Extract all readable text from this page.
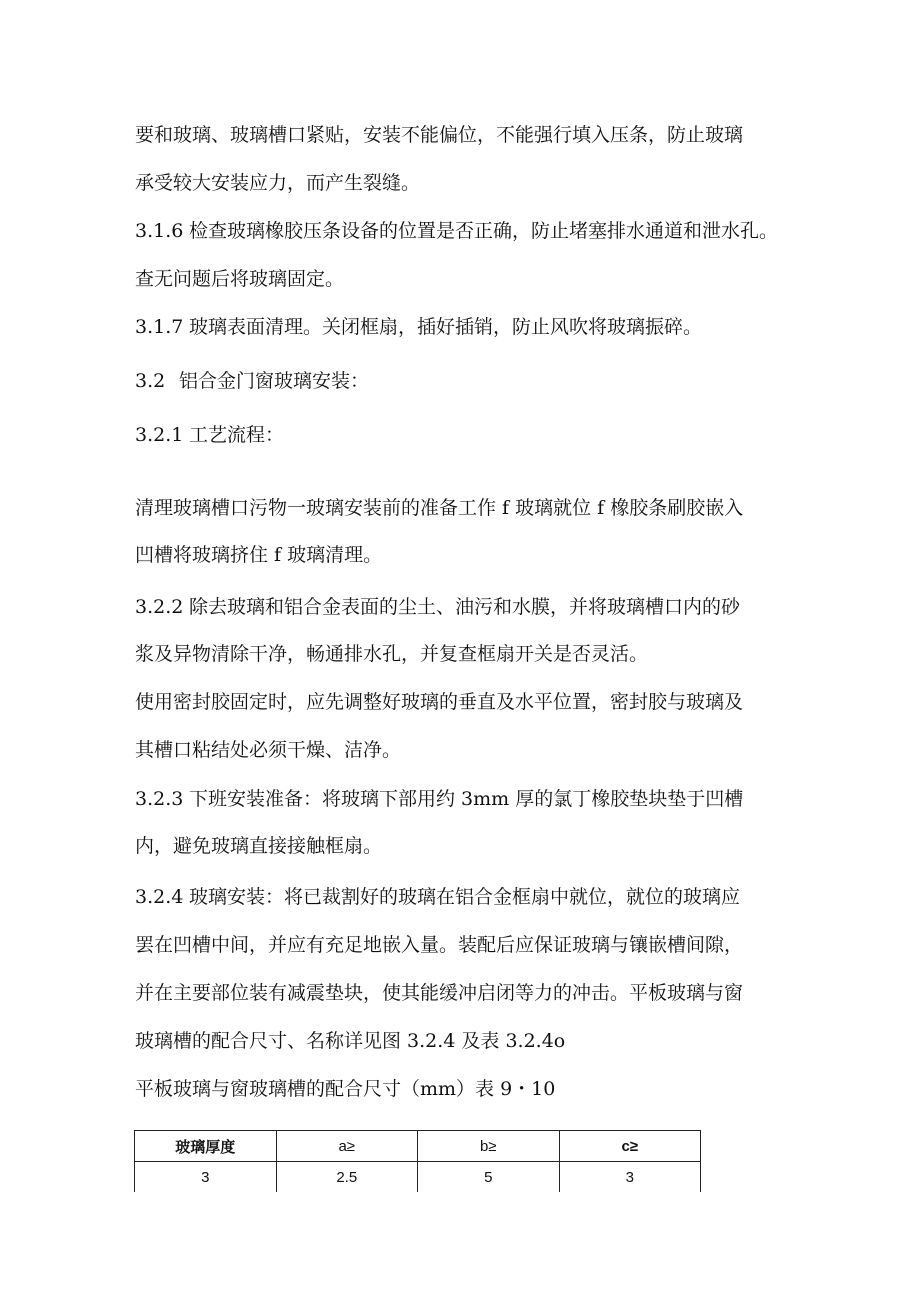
要和玻璃、玻璃槽口紧贴，安装不能偏位，不能强行填入压条，防止玻璃
承受较大安装应力，而产生裂缝。
3.1.6 检查玻璃橡胶压条设备的位置是否正确，防止堵塞排水通道和泄水孔。
查无问题后将玻璃固定。
3.1.7 玻璃表面清理。关闭框扇，插好插销，防止风吹将玻璃振碎。
3.2 铝合金门窗玻璃安装：
3.2.1 工艺流程：
清理玻璃槽口污物一玻璃安装前的准备工作 f 玻璃就位 f 橡胶条刷胶嵌入
凹槽将玻璃挤住 f 玻璃清理。
3.2.2 除去玻璃和铝合金表面的尘土、油污和水膜，并将玻璃槽口内的砂
浆及异物清除干净，畅通排水孔，并复查框扇开关是否灵活。
使用密封胶固定时，应先调整好玻璃的垂直及水平位置，密封胶与玻璃及
其槽口粘结处必须干燥、洁净。
3.2.3 下班安装准备：将玻璃下部用约 3mm 厚的氯丁橡胶垫块垫于凹槽
内，避免玻璃直接接触框扇。
3.2.4 玻璃安装：将已裁割好的玻璃在铝合金框扇中就位，就位的玻璃应
罢在凹槽中间，并应有充足地嵌入量。装配后应保证玻璃与镶嵌槽间隙，
并在主要部位装有减震垫块，使其能缓冲启闭等力的冲击。平板玻璃与窗
玻璃槽的配合尺寸、名称详见图 3.2.4 及表 3.2.4o
平板玻璃与窗玻璃槽的配合尺寸（mm）表 9・10
玻璃厚度	a≥	b≥	c≥
3	2.5	5	3
